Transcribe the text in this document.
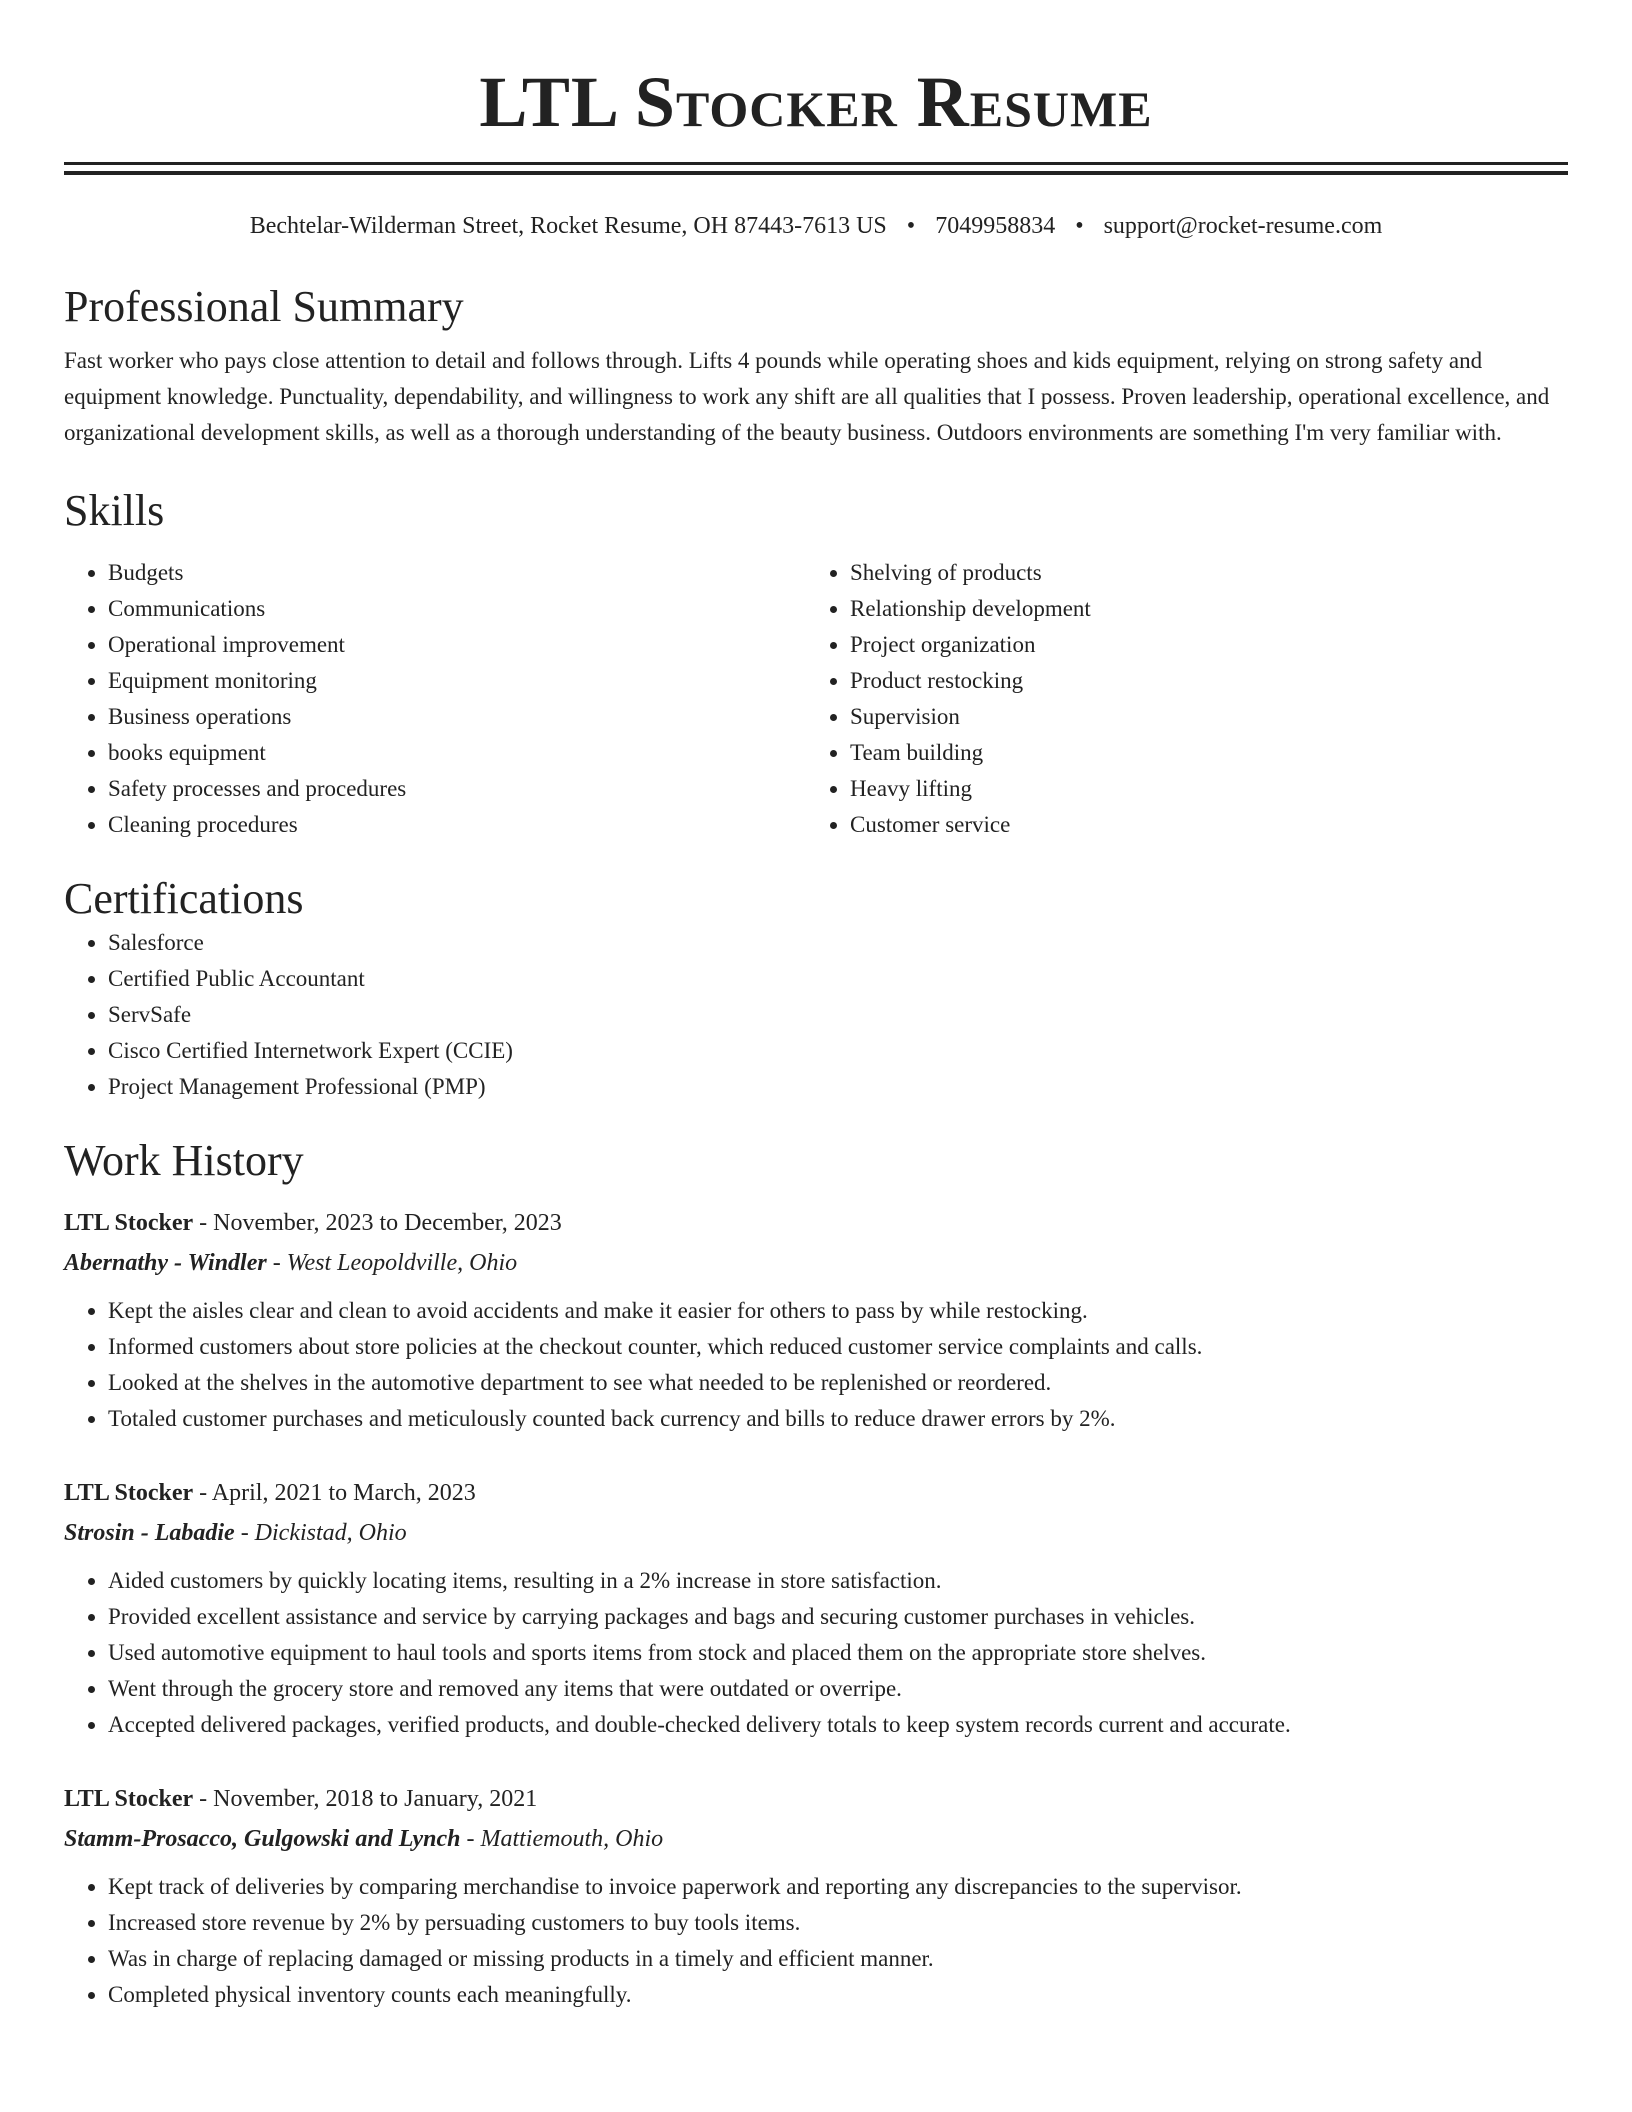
LTL Stocker Resume
Bechtelar-Wilderman Street, Rocket Resume, OH 87443-7613 US • 7049958834 • support@rocket-resume.com
Professional Summary

Fast worker who pays close attention to detail and follows through. Lifts 4 pounds while operating shoes and kids equipment, relying on strong safety and equipment knowledge. Punctuality, dependability, and willingness to work any shift are all qualities that I possess. Proven leadership, operational excellence, and organizational development skills, as well as a thorough understanding of the beauty business. Outdoors environments are something I'm very familiar with.

Skills
• Budgets
• Communications
• Operational improvement
• Equipment monitoring
• Business operations
• books equipment
• Safety processes and procedures
• Cleaning procedures
• Shelving of products
• Relationship development
• Project organization
• Product restocking
• Supervision
• Team building
• Heavy lifting
• Customer service
Certifications
• Salesforce
• Certified Public Accountant
• ServSafe
• Cisco Certified Internetwork Expert (CCIE)
• Project Management Professional (PMP)
Work History
LTL Stocker - November, 2023 to December, 2023
Abernathy - Windler - West Leopoldville, Ohio
• Kept the aisles clear and clean to avoid accidents and make it easier for others to pass by while restocking.
• Informed customers about store policies at the checkout counter, which reduced customer service complaints and calls.
• Looked at the shelves in the automotive department to see what needed to be replenished or reordered.
• Totaled customer purchases and meticulously counted back currency and bills to reduce drawer errors by 2%.
LTL Stocker - April, 2021 to March, 2023
Strosin - Labadie - Dickistad, Ohio
• Aided customers by quickly locating items, resulting in a 2% increase in store satisfaction.
• Provided excellent assistance and service by carrying packages and bags and securing customer purchases in vehicles.
• Used automotive equipment to haul tools and sports items from stock and placed them on the appropriate store shelves.
• Went through the grocery store and removed any items that were outdated or overripe.
• Accepted delivered packages, verified products, and double-checked delivery totals to keep system records current and accurate.
LTL Stocker - November, 2018 to January, 2021
Stamm-Prosacco, Gulgowski and Lynch - Mattiemouth, Ohio
• Kept track of deliveries by comparing merchandise to invoice paperwork and reporting any discrepancies to the supervisor.
• Increased store revenue by 2% by persuading customers to buy tools items.
• Was in charge of replacing damaged or missing products in a timely and efficient manner.
• Completed physical inventory counts each meaningfully.
